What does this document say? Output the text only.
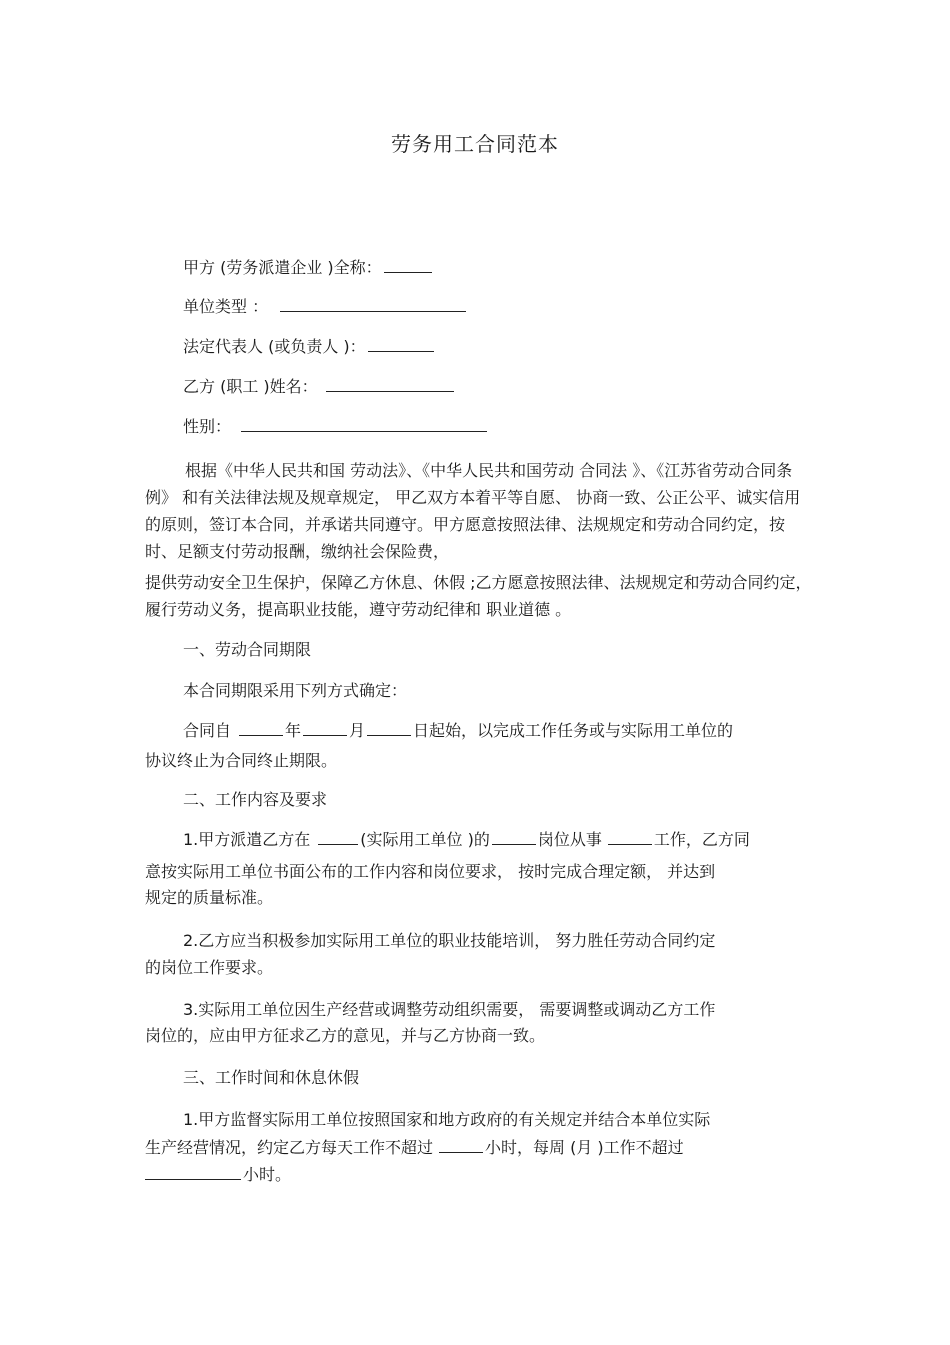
劳务用工合同范本
甲方 (劳务派遣企业 )全称：
单位类型 ：
法定代表人 (或负责人 )：
乙方 (职工 )姓名：
性别：
根据《中华人民共和国 劳动法》、《中华人民共和国劳动 合同法 》、《江苏省劳动合同条例》 和有关法律法规及规章规定， 甲乙双方本着平等自愿、 协商一致、公正公平、诚实信用的原则，签订本合同，并承诺共同遵守。甲方愿意按照法律、法规规定和劳动合同约定，按时、足额支付劳动报酬，缴纳社会保险费，
提供劳动安全卫生保护，保障乙方休息、休假 ;乙方愿意按照法律、法规规定和劳动合同约定，履行劳动义务，提高职业技能，遵守劳动纪律和 职业道德 。
一、劳动合同期限
本合同期限采用下列方式确定：
合同自	年	月	日起始，以完成工作任务或与实际用工单位的
协议终止为合同终止期限。
二、工作内容及要求
1.甲方派遣乙方在	(实际用工单位 )的	岗位从事	工作，乙方同
意按实际用工单位书面公布的工作内容和岗位要求， 按时完成合理定额， 并达到
规定的质量标准。
2.乙方应当积极参加实际用工单位的职业技能培训， 努力胜任劳动合同约定
的岗位工作要求。
3.实际用工单位因生产经营或调整劳动组织需要， 需要调整或调动乙方工作
岗位的，应由甲方征求乙方的意见，并与乙方协商一致。
三、工作时间和休息休假
1.甲方监督实际用工单位按照国家和地方政府的有关规定并结合本单位实际
生产经营情况，约定乙方每天工作不超过	小时，每周 (月 )工作不超过
小时。
